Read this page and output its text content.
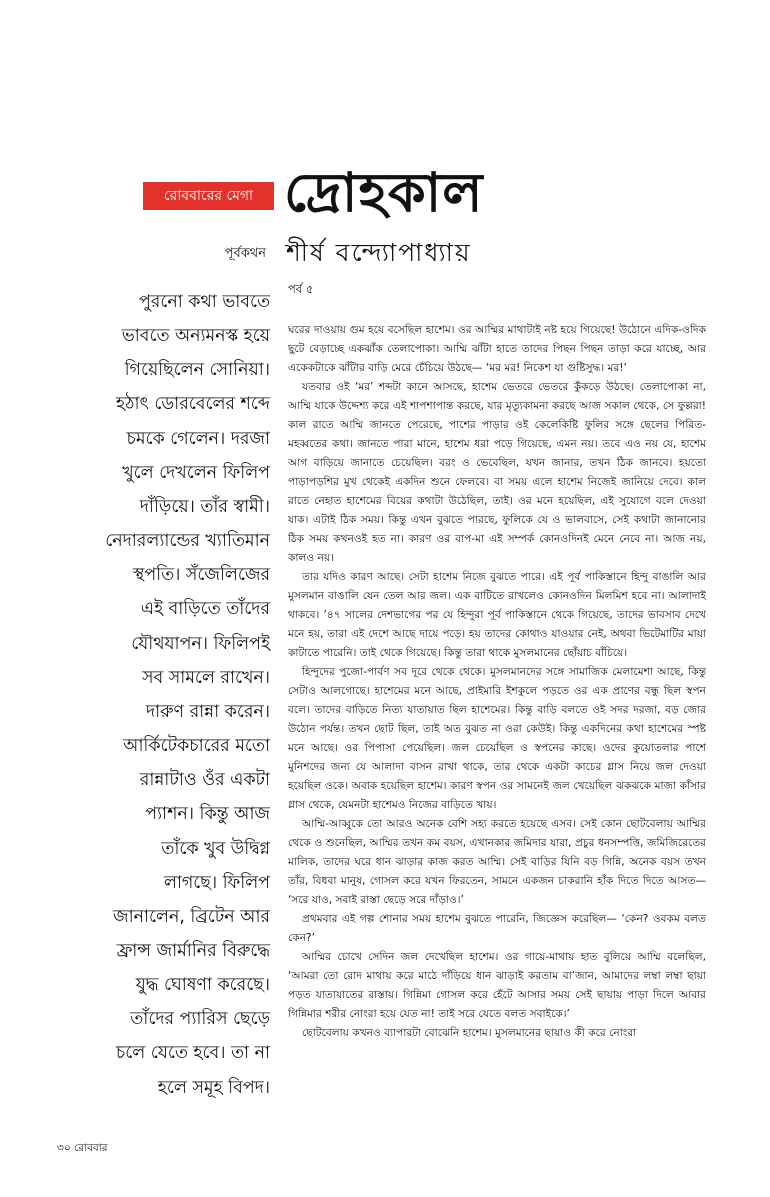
রোববারের মেগা দ্রোহকাল
পূর্বকথন শীর্ষ বন্দ্যোপাধ্যায়
পুরনো কথা ভাবতে
ভাবতে অন্যমনস্ক হয়ে
গিয়েছিলেন সোনিয়া।
হঠাৎ ডোরবেলের শব্দে
চমকে গেলেন। দরজা
খুলে দেখলেন ফিলিপ
দাঁড়িয়ে। তাঁর স্বামী।
নেদারল্যান্ডের খ্যাতিমান
স্থপতি। সঁজেলিজের
এই বাড়িতে তাঁদের
যৌথযাপন। ফিলিপই
সব সামলে রাখেন।
দারুণ রান্না করেন।
আর্কিটেকচারের মতো
রান্নাটাও ওঁর একটা
প্যাশন। কিন্তু আজ
তাঁকে খুব উদ্বিগ্ন
লাগছে। ফিলিপ
জানালেন, ব্রিটেন আর
ফ্রান্স জার্মানির বিরুদ্ধে
যুদ্ধ ঘোষণা করেছে।
তাঁদের প্যারিস ছেড়ে
চলে যেতে হবে। তা না
হলে সমূহ বিপদ।
পর্ব ৫

ঘরের দাওয়ায় গুম হয়ে বসেছিল হাশেম। ওর আম্মির মাথাটাই নষ্ট হয়ে গিয়েছে! উঠোনে এদিক-ওদিক ছুটে বেড়াচ্ছে একঝাঁক তেলাপোকা। আম্মি ঝাঁটা হাতে তাদের পিছন পিছন তাড়া করে যাচ্ছে, আর একেকটাকে ঝাঁটার বাড়ি মেরে চেঁচিয়ে উঠছে— ‘মর মর! নিকেশ যা গুষ্টিসুদ্ধ। মর!’

যতবার ওই ‘মর’ শব্দটা কানে আসছে, হাশেম ভেতরে ভেতরে কুঁকড়ে উঠছে। তেলাপোকা না, আম্মি যাকে উদ্দেশ্য করে এই শাপশাপান্ত করছে, যার মৃত্যুকামনা করছে আজ সকাল থেকে, সে ফুল্লরা! কাল রাতে আম্মি জানতে পেরেছে, পাশের পাড়ার ওই কেলেকিষ্টি ফুলির সঙ্গে ছেলের পিরিত-মহব্বতের কথা। জানতে পারা মানে, হাশেম ধরা পড়ে গিয়েছে, এমন নয়। তবে এও নয় যে, হাশেম আগ বাড়িয়ে জানাতে চেয়েছিল। বরং ও ভেবেছিল, যখন জানার, তখন ঠিক জানবে। হয়তো পাড়াপড়শির মুখ থেকেই একদিন শুনে ফেলবে। বা সময় এলে হাশেম নিজেই জানিয়ে দেবে। কাল রাতে নেহাত হাশেমের বিয়ের কথাটা উঠেছিল, তাই। ওর মনে হয়েছিল, এই সুযোগে বলে দেওয়া যাক। এটাই ঠিক সময়। কিন্তু এখন বুঝতে পারছে, ফুলিকে যে ও ভালবাসে, সেই কথাটা জানানোর ঠিক সময় কখনওই হত না। কারণ ওর বাপ-মা এই সম্পর্ক কোনওদিনই মেনে নেবে না। আজ নয়, কালও নয়।

তার যদিও কারণ আছে। সেটা হাশেম নিজে বুঝতে পারে। এই পূর্ব পাকিস্তানে হিন্দু বাঙালি আর মুসলমান বাঙালি যেন তেল আর জল। এক বাটিতে রাখলেও কোনওদিন মিলমিশ হবে না। আলাদাই থাকবে। ’৪৭ সালের দেশভাগের পর যে হিন্দুরা পূর্ব পাকিস্তানে থেকে গিয়েছে, তাদের ভাবসাব দেখে মনে হয়, তারা এই দেশে আছে দায়ে পড়ে। হয় তাদের কোথাও যাওয়ার নেই, অথবা ভিটেমাটির মায়া কাটাতে পারেনি। তাই থেকে গিয়েছে। কিন্তু তারা থাকে মুসলমানের ছোঁয়াচ বাঁচিয়ে।

হিন্দুদের পুজো-পার্বণ সব দূরে থেকে থেকে। মুসলমানদের সঙ্গে সামাজিক মেলামেশা আছে, কিন্তু সেটাও আলগোছে। হাশেমের মনে আছে, প্রাইমারি ইশকুলে পড়তে ওর এক প্রাণের বন্ধু ছিল স্বপন বলে। তাদের বাড়িতে নিত্য যাতায়াত ছিল হাশেমের। কিন্তু বাড়ি বলতে ওই সদর দরজা, বড় জোর উঠোন পর্যন্ত। তখন ছোট ছিল, তাই অত বুঝত না ওরা কেউই। কিন্তু একদিনের কথা হাশেমের স্পষ্ট মনে আছে। ওর পিপাসা পেয়েছিল। জল চেয়েছিল ও স্বপনের কাছে। ওদের কুয়োতলার পাশে মুনিশদের জন্য যে আলাদা বাসন রাখা থাকে, তার থেকে একটা কাচের গ্লাস নিয়ে জল দেওয়া হয়েছিল ওকে। অবাক হয়েছিল হাশেম। কারণ স্বপন ওর সামনেই জল খেয়েছিল ঝকঝকে মাজা কাঁসার গ্লাস থেকে, যেমনটা হাশেমও নিজের বাড়িতে খায়।

আম্মি-আব্বুকে তো আরও অনেক বেশি সহ্য করতে হয়েছে এসব। সেই কোন ছোটবেলায় আম্মির থেকে ও শুনেছিল, আম্মির তখন কম বয়স, এখানকার জমিদার যারা, প্রচুর ধনসম্পত্তি, জমিজিরেতের মালিক, তাদের ঘরে ধান ঝাড়ার কাজ করত আম্মি। সেই বাড়ির যিনি বড় গিন্নি, অনেক বয়স তখন তাঁর, বিধবা মানুষ, গোসল করে যখন ফিরতেন, সামনে একজন চাকরানি হাঁক দিতে দিতে আসত— ‘সরে যাও, সবাই রাস্তা ছেড়ে সরে দাঁড়াও।’

প্রথমবার এই গল্প শোনার সময় হাশেম বুঝতে পারেনি, জিজ্ঞেস করেছিল— ‘কেন? ওবকম বলত কেন?’

আম্মির চোখে সেদিন জল দেখেছিল হাশেম। ওর গায়ে-মাথায় হাত বুলিয়ে আম্মি বলেছিল, ‘আমরা তো রোদ মাথায় করে মাঠে দাঁড়িয়ে ধান ঝাড়াই করতাম বা’জান, আমাদের লম্বা লম্বা ছায়া পড়ত যাতায়াতের রাস্তায়। গিন্নিমা গোসল করে হেঁটে আসার সময় সেই ছায়ায় পাড়া দিলে আবার গিন্নিমার শরীর নোংরা হয়ে যেত না! তাই সরে যেতে বলত সবাইকে।’

ছোটবেলায় কখনও ব্যাপারটা বোঝেনি হাশেম। মুসলমানের ছায়াও কী করে নোংরা

৩০ রোববার
